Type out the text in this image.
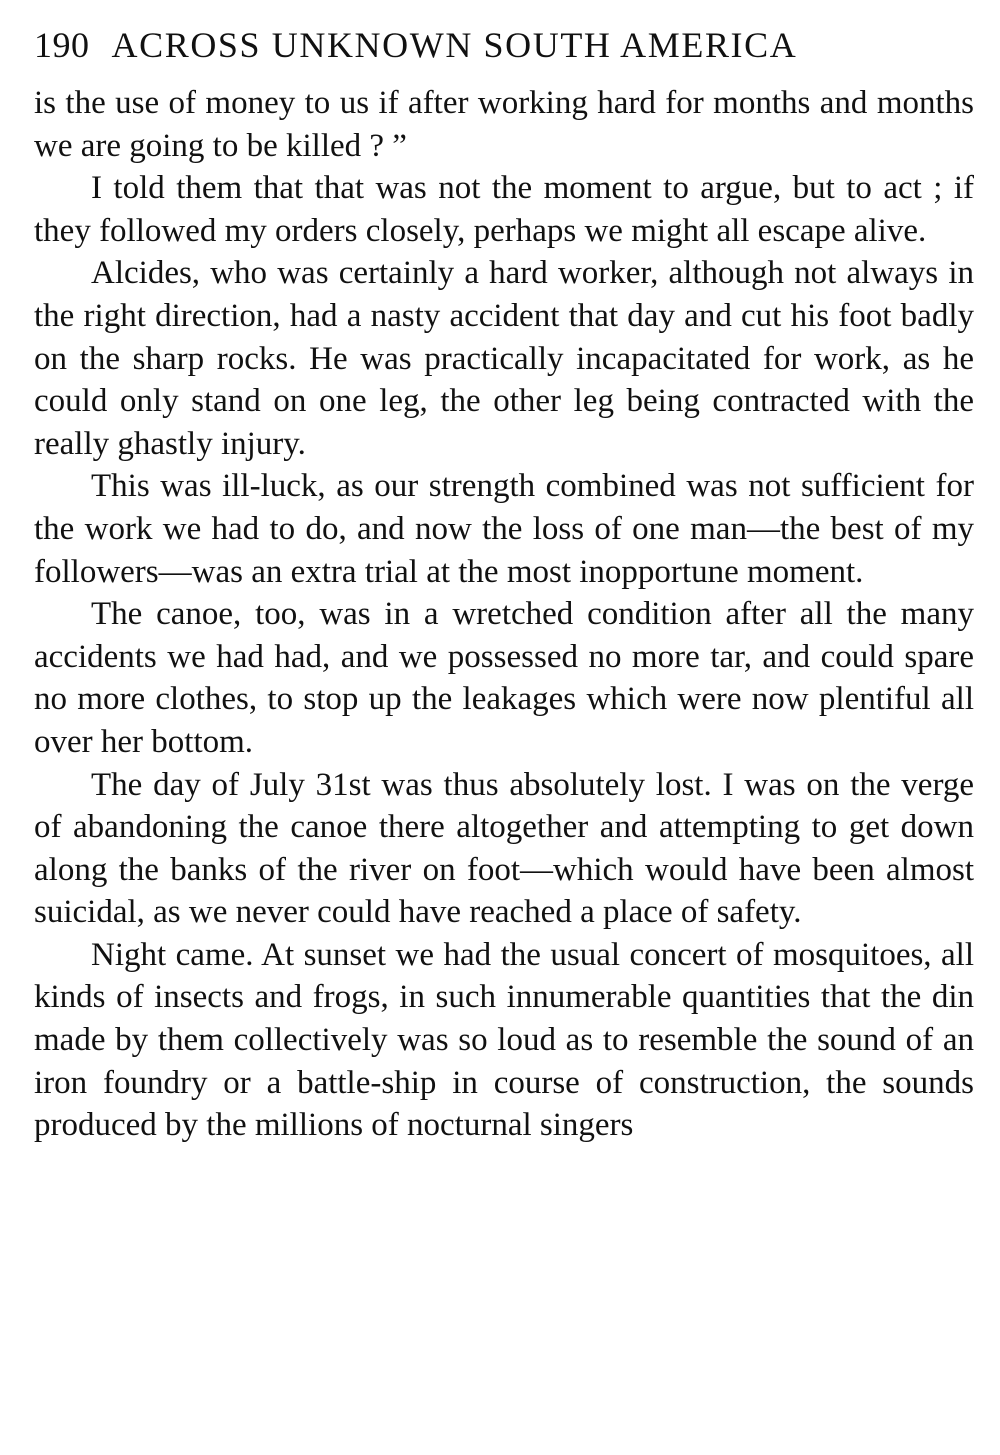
190 ACROSS UNKNOWN SOUTH AMERICA

is the use of money to us if after working hard for months and months we are going to be killed ? ”

I told them that that was not the moment to argue, but to act ; if they followed my orders closely, perhaps we might all escape alive.

Alcides, who was certainly a hard worker, although not always in the right direction, had a nasty accident that day and cut his foot badly on the sharp rocks. He was practically incapacitated for work, as he could only stand on one leg, the other leg being contracted with the really ghastly injury.

This was ill-luck, as our strength combined was not sufficient for the work we had to do, and now the loss of one man—the best of my followers—was an extra trial at the most inopportune moment.

The canoe, too, was in a wretched condition after all the many accidents we had had, and we possessed no more tar, and could spare no more clothes, to stop up the leakages which were now plentiful all over her bottom.

The day of July 31st was thus absolutely lost. I was on the verge of abandoning the canoe there altogether and attempting to get down along the banks of the river on foot—which would have been almost suicidal, as we never could have reached a place of safety.

Night came. At sunset we had the usual concert of mosquitoes, all kinds of insects and frogs, in such innumerable quantities that the din made by them collectively was so loud as to resemble the sound of an iron foundry or a battle-ship in course of construction, the sounds produced by the millions of nocturnal singers
